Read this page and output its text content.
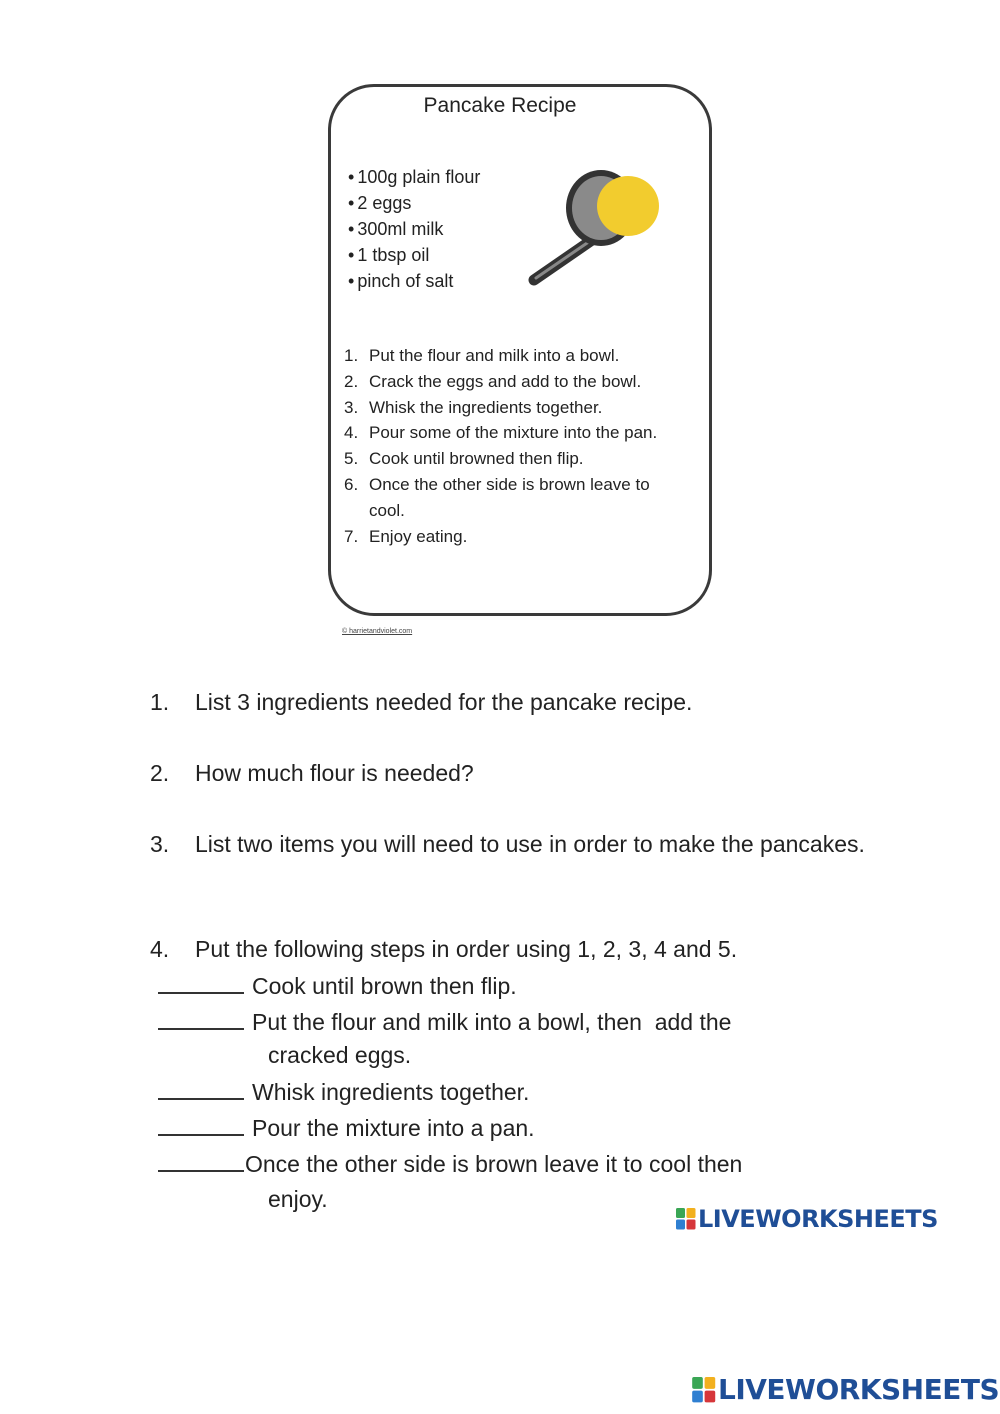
Pancake Recipe
• 100g plain flour
• 2 eggs
• 300ml milk
• 1 tbsp oil
• pinch of salt
1. Put the flour and milk into a bowl.
2. Crack the eggs and add to the bowl.
3. Whisk the ingredients together.
4. Pour some of the mixture into the pan.
5. Cook until browned then flip.
6. Once the other side is brown leave to cool.
7. Enjoy eating.
© harrietandviolet.com
1.	List 3 ingredients needed for the pancake recipe.
2.	How much flour is needed?
3.	List two items you will need to use in order to make the pancakes.
4.	Put the following steps in order using 1, 2, 3, 4 and 5.
Cook until brown then flip.
Put the flour and milk into a bowl, then  add the
cracked eggs.
Whisk ingredients together.
Pour the mixture into a pan.
Once the other side is brown leave it to cool then
enjoy.
LIVEWORKSHEETS
LIVEWORKSHEETS
